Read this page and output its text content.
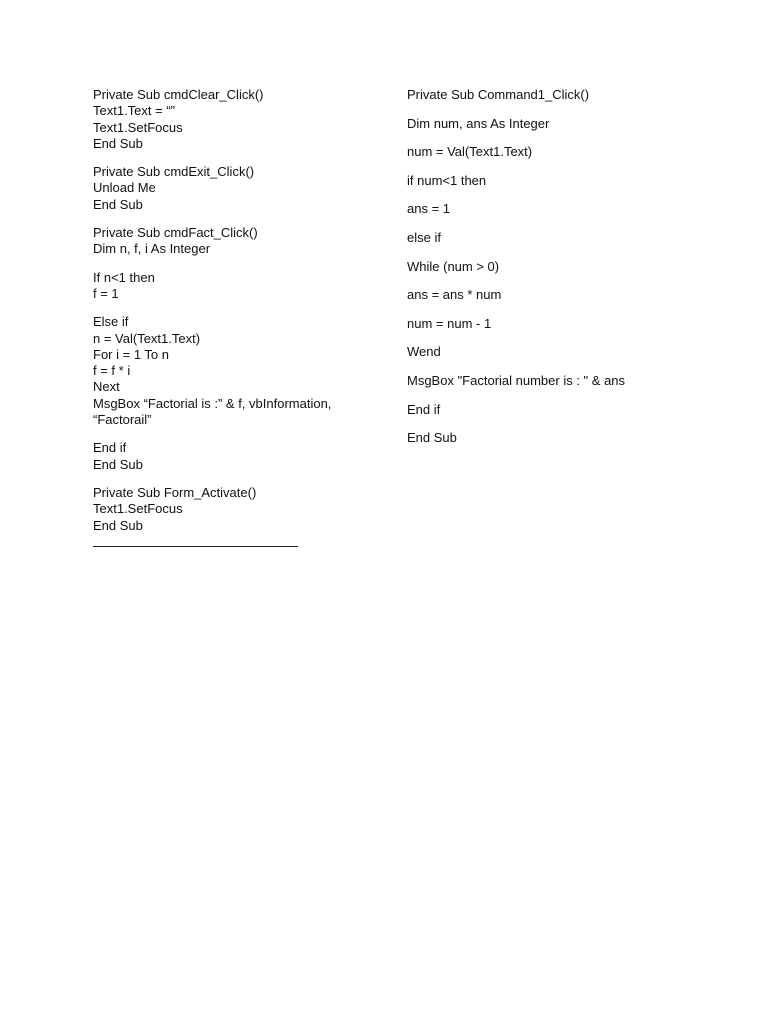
Private Sub cmdClear_Click()
Text1.Text = “”
Text1.SetFocus
End Sub
Private Sub cmdExit_Click()
Unload Me
End Sub
Private Sub cmdFact_Click()
Dim n, f, i As Integer
If n<1 then
f = 1
Else if
n = Val(Text1.Text)
For i = 1 To n
f = f * i
Next
MsgBox “Factorial is :” & f, vbInformation,
“Factorail”
End if
End Sub
Private Sub Form_Activate()
Text1.SetFocus
End Sub
Private Sub Command1_Click()
Dim num, ans As Integer
num = Val(Text1.Text)
if num<1 then
ans = 1
else if
While (num > 0)
ans = ans * num
num = num - 1
Wend
MsgBox "Factorial number is : " & ans
End if
End Sub
